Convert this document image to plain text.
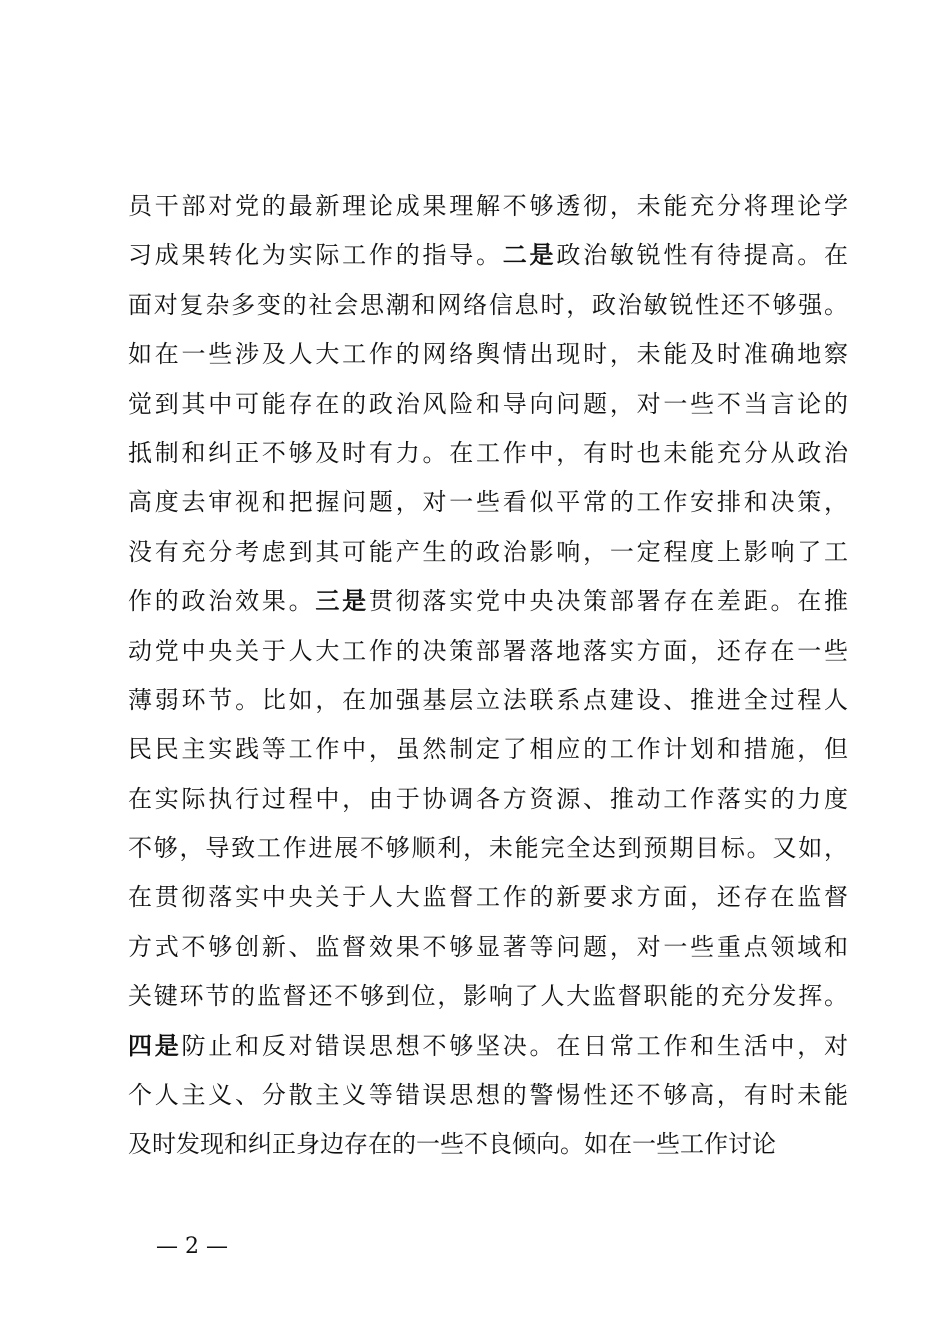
员干部对党的最新理论成果理解不够透彻，未能充分将理论学
习成果转化为实际工作的指导。二是政治敏锐性有待提高。在
面对复杂多变的社会思潮和网络信息时，政治敏锐性还不够强。
如在一些涉及人大工作的网络舆情出现时，未能及时准确地察
觉到其中可能存在的政治风险和导向问题，对一些不当言论的
抵制和纠正不够及时有力。在工作中，有时也未能充分从政治
高度去审视和把握问题，对一些看似平常的工作安排和决策，
没有充分考虑到其可能产生的政治影响，一定程度上影响了工
作的政治效果。三是贯彻落实党中央决策部署存在差距。在推
动党中央关于人大工作的决策部署落地落实方面，还存在一些
薄弱环节。比如，在加强基层立法联系点建设、推进全过程人
民民主实践等工作中，虽然制定了相应的工作计划和措施，但
在实际执行过程中，由于协调各方资源、推动工作落实的力度
不够，导致工作进展不够顺利，未能完全达到预期目标。又如，
在贯彻落实中央关于人大监督工作的新要求方面，还存在监督
方式不够创新、监督效果不够显著等问题，对一些重点领域和
关键环节的监督还不够到位，影响了人大监督职能的充分发挥。
四是防止和反对错误思想不够坚决。在日常工作和生活中，对
个人主义、分散主义等错误思想的警惕性还不够高，有时未能
及时发现和纠正身边存在的一些不良倾向。如在一些工作讨论
— 2 —
